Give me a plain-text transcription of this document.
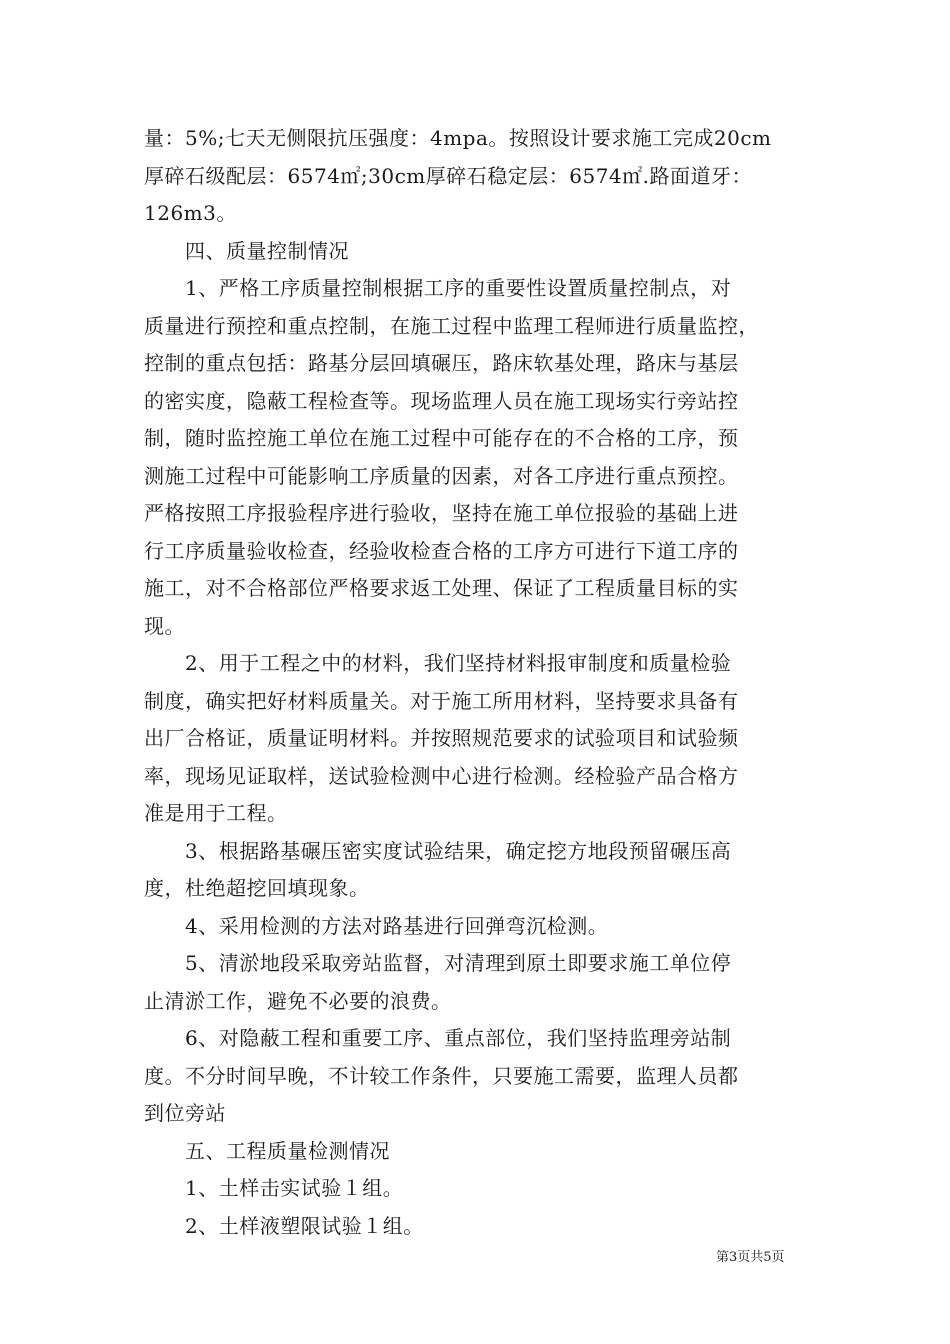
量：5%;七天无侧限抗压强度：4mpa。按照设计要求施工完成20cm
厚碎石级配层：6574㎡;30cm厚碎石稳定层：6574㎡.路面道牙：
126m3。
　　四、质量控制情况
　　1、严格工序质量控制根据工序的重要性设置质量控制点，对
质量进行预控和重点控制，在施工过程中监理工程师进行质量监控，
控制的重点包括：路基分层回填碾压，路床软基处理，路床与基层
的密实度，隐蔽工程检查等。现场监理人员在施工现场实行旁站控
制，随时监控施工单位在施工过程中可能存在的不合格的工序，预
测施工过程中可能影响工序质量的因素，对各工序进行重点预控。
严格按照工序报验程序进行验收，坚持在施工单位报验的基础上进
行工序质量验收检查，经验收检查合格的工序方可进行下道工序的
施工，对不合格部位严格要求返工处理、保证了工程质量目标的实
现。
　　2、用于工程之中的材料，我们坚持材料报审制度和质量检验
制度，确实把好材料质量关。对于施工所用材料，坚持要求具备有
出厂合格证，质量证明材料。并按照规范要求的试验项目和试验频
率，现场见证取样，送试验检测中心进行检测。经检验产品合格方
准是用于工程。
　　3、根据路基碾压密实度试验结果，确定挖方地段预留碾压高
度，杜绝超挖回填现象。
　　4、采用检测的方法对路基进行回弹弯沉检测。
　　5、清淤地段采取旁站监督，对清理到原土即要求施工单位停
止清淤工作，避免不必要的浪费。
　　6、对隐蔽工程和重要工序、重点部位，我们坚持监理旁站制
度。不分时间早晚，不计较工作条件，只要施工需要，监理人员都
到位旁站
　　五、工程质量检测情况
　　1、土样击实试验１组。
　　2、土样液塑限试验１组。
第3页共5页
